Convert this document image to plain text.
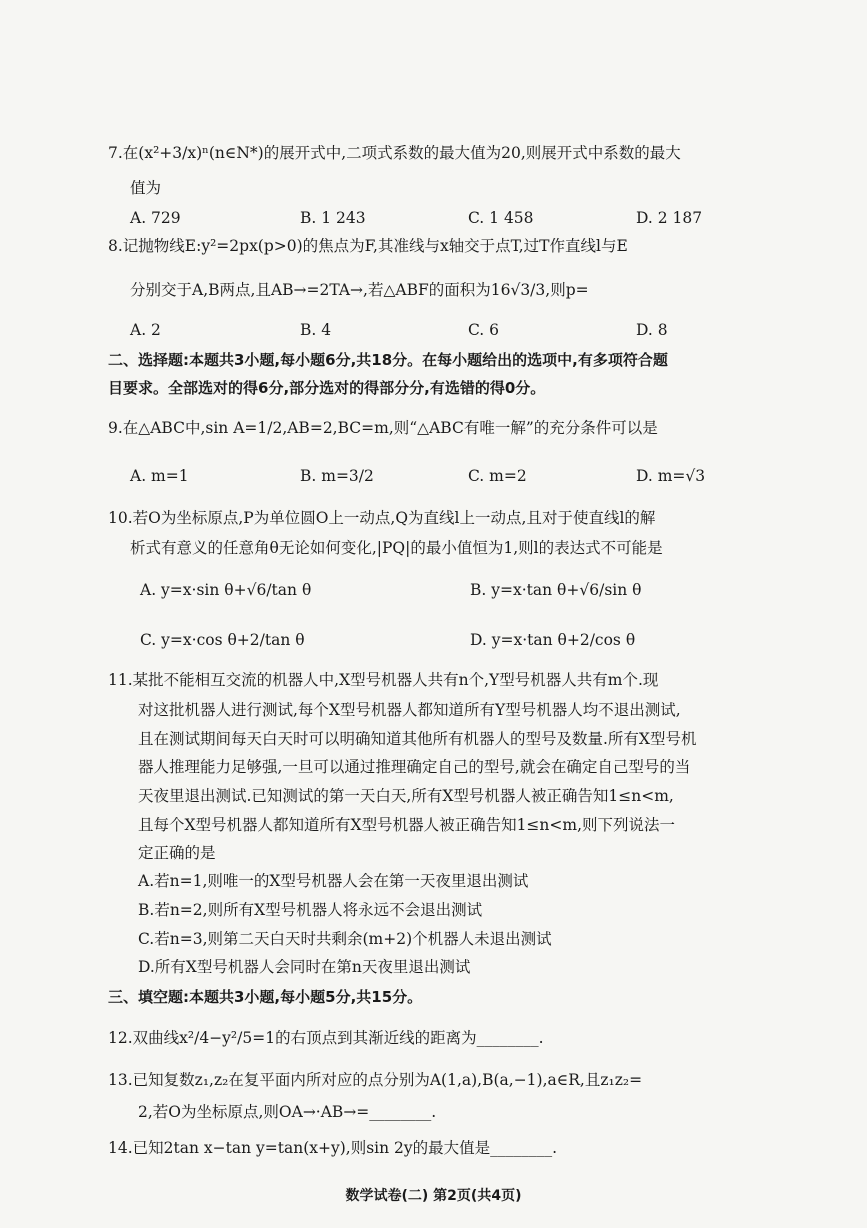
7.在(x²+3/x)ⁿ(n∈N*)的展开式中,二项式系数的最大值为20,则展开式中系数的最大
值为
A. 729	B. 1 243	C. 1 458	D. 2 187
8.记抛物线E:y²=2px(p>0)的焦点为F,其准线与x轴交于点T,过T作直线l与E
分别交于A,B两点,且AB→=2TA→,若△ABF的面积为16√3/3,则p=
A. 2	B. 4	C. 6	D. 8
二、选择题:本题共3小题,每小题6分,共18分。在每小题给出的选项中,有多项符合题
目要求。全部选对的得6分,部分选对的得部分分,有选错的得0分。
9.在△ABC中,sin A=1/2,AB=2,BC=m,则“△ABC有唯一解”的充分条件可以是
A. m=1	B. m=3/2	C. m=2	D. m=√3
10.若O为坐标原点,P为单位圆O上一动点,Q为直线l上一动点,且对于使直线l的解
析式有意义的任意角θ无论如何变化,|PQ|的最小值恒为1,则l的表达式不可能是
A. y=x·sin θ+√6/tan θ	B. y=x·tan θ+√6/sin θ
C. y=x·cos θ+2/tan θ	D. y=x·tan θ+2/cos θ
11.某批不能相互交流的机器人中,X型号机器人共有n个,Y型号机器人共有m个.现
对这批机器人进行测试,每个X型号机器人都知道所有Y型号机器人均不退出测试,
且在测试期间每天白天时可以明确知道其他所有机器人的型号及数量.所有X型号机
器人推理能力足够强,一旦可以通过推理确定自己的型号,就会在确定自己型号的当
天夜里退出测试.已知测试的第一天白天,所有X型号机器人被正确告知1≤n<m,
且每个X型号机器人都知道所有X型号机器人被正确告知1≤n<m,则下列说法一
定正确的是
A.若n=1,则唯一的X型号机器人会在第一天夜里退出测试
B.若n=2,则所有X型号机器人将永远不会退出测试
C.若n=3,则第二天白天时共剩余(m+2)个机器人未退出测试
D.所有X型号机器人会同时在第n天夜里退出测试
三、填空题:本题共3小题,每小题5分,共15分。
12.双曲线x²/4−y²/5=1的右顶点到其渐近线的距离为________.
13.已知复数z₁,z₂在复平面内所对应的点分别为A(1,a),B(a,−1),a∈R,且z₁z₂=
2,若O为坐标原点,则OA→·AB→=________.
14.已知2tan x−tan y=tan(x+y),则sin 2y的最大值是________.
数学试卷(二) 第2页(共4页)
